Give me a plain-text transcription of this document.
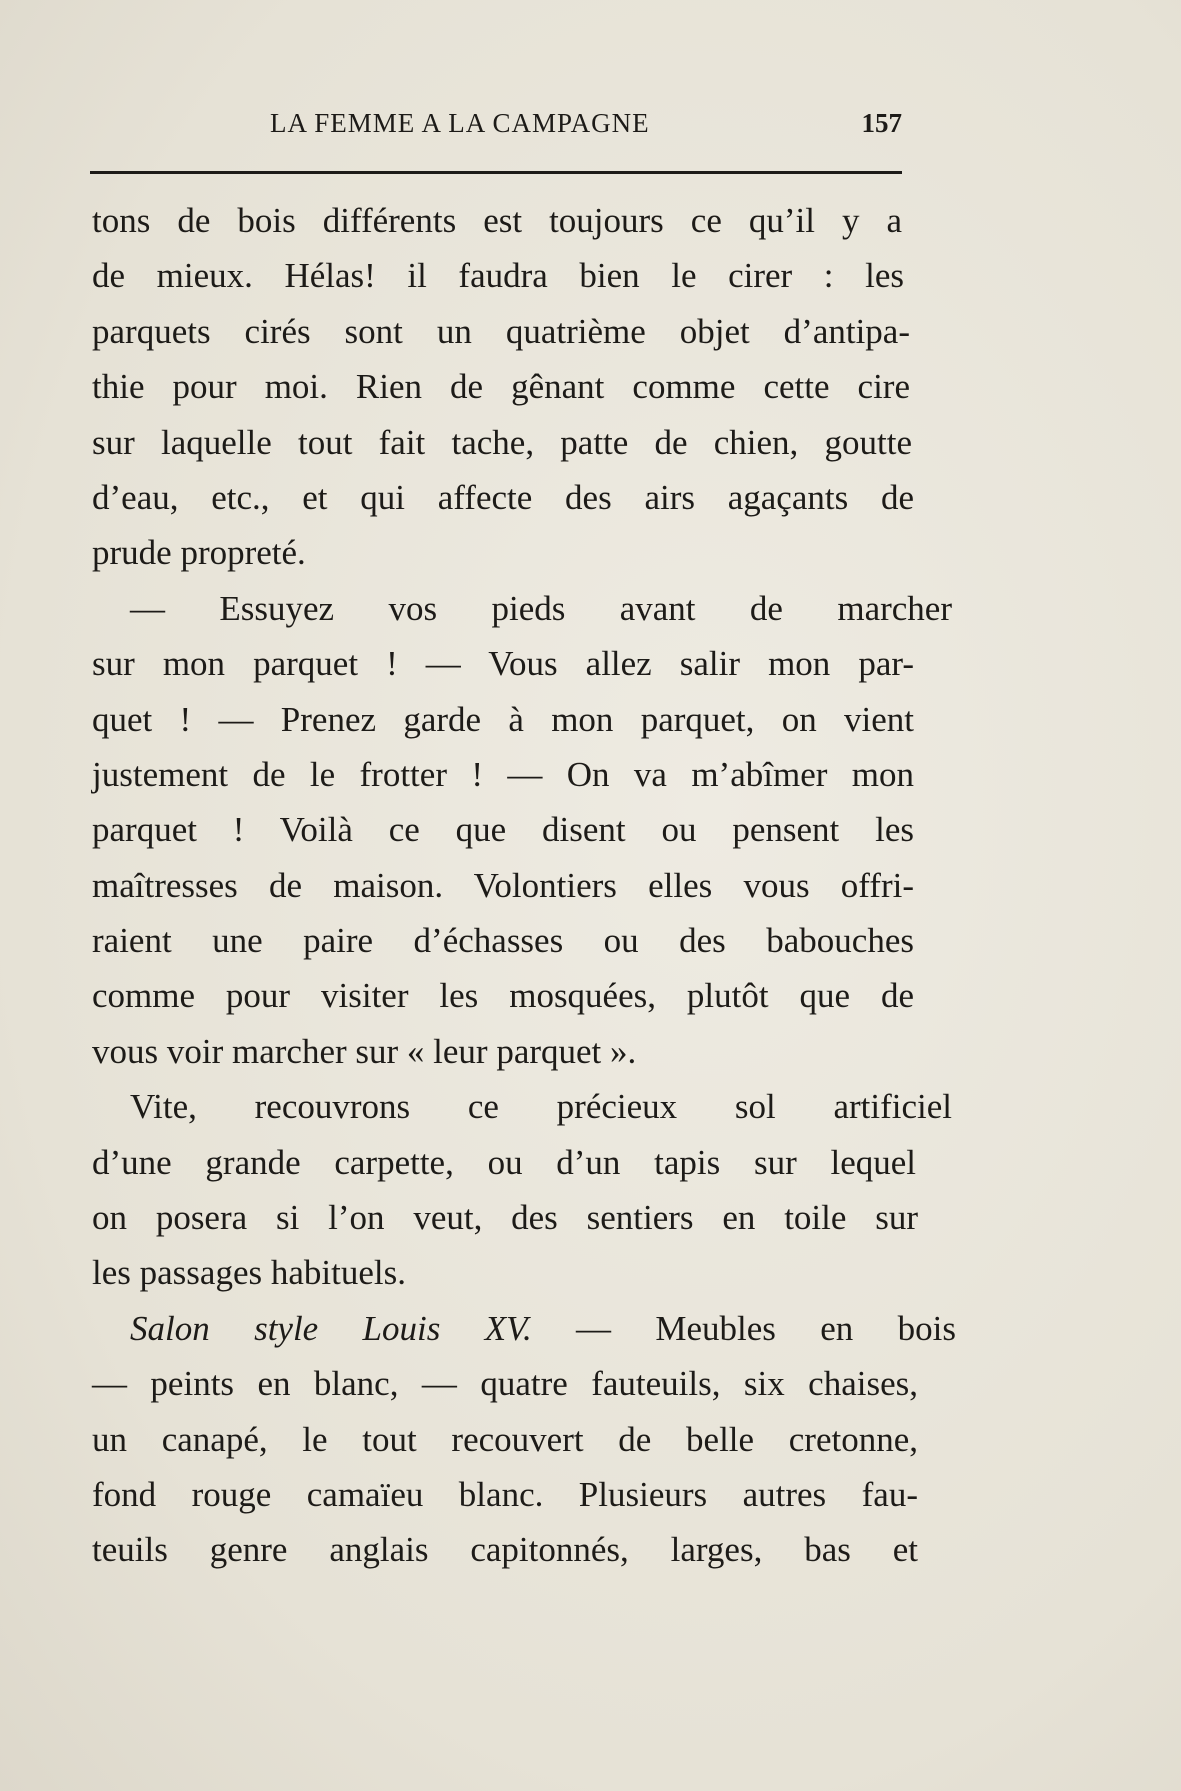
LA FEMME A LA CAMPAGNE	157
tons de bois différents est toujours ce qu’il y a
de mieux. Hélas! il faudra bien le cirer : les
parquets cirés sont un quatrième objet d’antipa-
thie pour moi. Rien de gênant comme cette cire
sur laquelle tout fait tache, patte de chien, goutte
d’eau, etc., et qui affecte des airs agaçants de
prude propreté.
— Essuyez vos pieds avant de marcher
sur mon parquet ! — Vous allez salir mon par-
quet ! — Prenez garde à mon parquet, on vient
justement de le frotter ! — On va m’abîmer mon
parquet ! Voilà ce que disent ou pensent les
maîtresses de maison. Volontiers elles vous offri-
raient une paire d’échasses ou des babouches
comme pour visiter les mosquées, plutôt que de
vous voir marcher sur « leur parquet ».
Vite, recouvrons ce précieux sol artificiel
d’une grande carpette, ou d’un tapis sur lequel
on posera si l’on veut, des sentiers en toile sur
les passages habituels.
Salon style Louis XV. — Meubles en bois
— peints en blanc, — quatre fauteuils, six chaises,
un canapé, le tout recouvert de belle cretonne,
fond rouge camaïeu blanc. Plusieurs autres fau-
teuils genre anglais capitonnés, larges, bas et
